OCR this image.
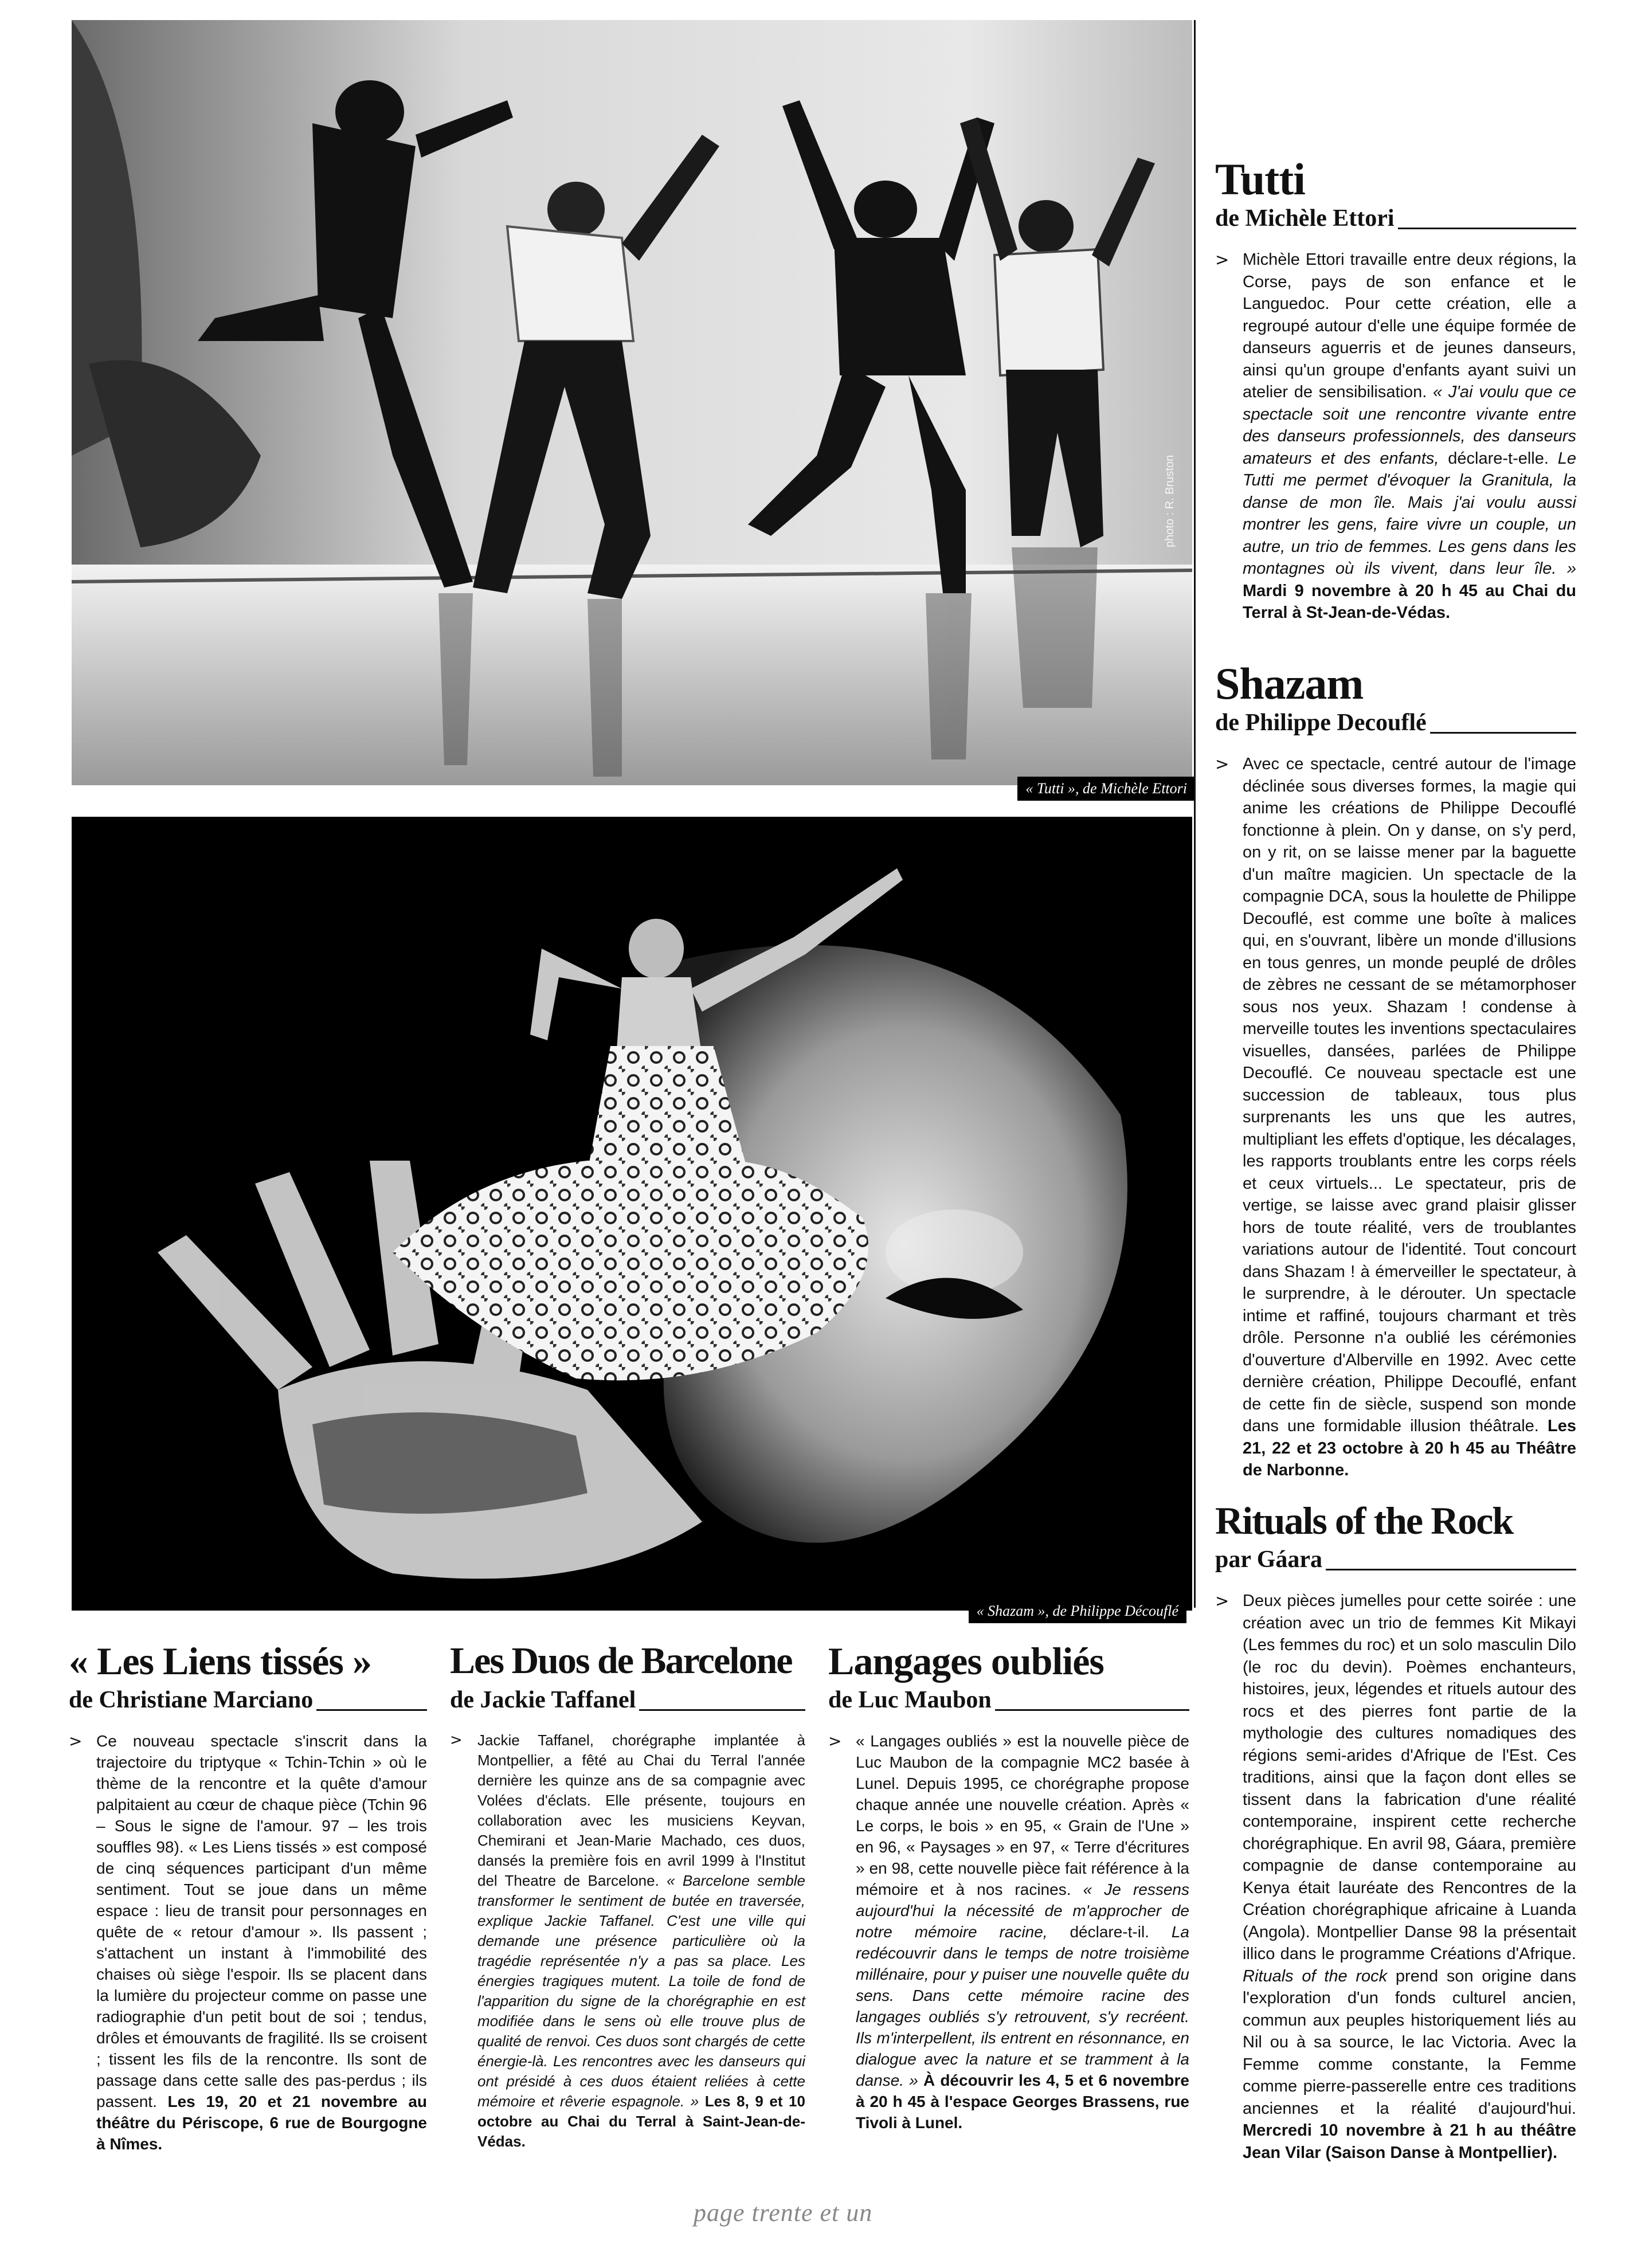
photo : R. Bruston
« Tutti », de Michèle Ettori
« Shazam », de Philippe Découflé
Tutti
de Michèle Ettori
> Michèle Ettori travaille entre deux régions, la Corse, pays de son enfance et le Languedoc. Pour cette création, elle a regroupé autour d'elle une équipe formée de danseurs aguerris et de jeunes danseurs, ainsi qu'un groupe d'enfants ayant suivi un atelier de sensibilisation. « J'ai voulu que ce spectacle soit une rencontre vivante entre des danseurs professionnels, des danseurs amateurs et des enfants, déclare-t-elle. Le Tutti me permet d'évoquer la Granitula, la danse de mon île. Mais j'ai voulu aussi montrer les gens, faire vivre un couple, un autre, un trio de femmes. Les gens dans les montagnes où ils vivent, dans leur île. » Mardi 9 novembre à 20 h 45 au Chai du Terral à St-Jean-de-Védas.

Shazam
de Philippe Decouflé
> Avec ce spectacle, centré autour de l'image déclinée sous diverses formes, la magie qui anime les créations de Philippe Decouflé fonctionne à plein. On y danse, on s'y perd, on y rit, on se laisse mener par la baguette d'un maître magicien. Un spectacle de la compagnie DCA, sous la houlette de Philippe Decouflé, est comme une boîte à malices qui, en s'ouvrant, libère un monde d'illusions en tous genres, un monde peuplé de drôles de zèbres ne cessant de se métamorphoser sous nos yeux. Shazam ! condense à merveille toutes les inventions spectaculaires visuelles, dansées, parlées de Philippe Decouflé. Ce nouveau spectacle est une succession de tableaux, tous plus surprenants les uns que les autres, multipliant les effets d'optique, les décalages, les rapports troublants entre les corps réels et ceux virtuels... Le spectateur, pris de vertige, se laisse avec grand plaisir glisser hors de toute réalité, vers de troublantes variations autour de l'identité. Tout concourt dans Shazam ! à émerveiller le spectateur, à le surprendre, à le dérouter. Un spectacle intime et raffiné, toujours charmant et très drôle. Personne n'a oublié les cérémonies d'ouverture d'Alberville en 1992. Avec cette dernière création, Philippe Decouflé, enfant de cette fin de siècle, suspend son monde dans une formidable illusion théâtrale. Les 21, 22 et 23 octobre à 20 h 45 au Théâtre de Narbonne.

Rituals of the Rock
par Gáara
> Deux pièces jumelles pour cette soirée : une création avec un trio de femmes Kit Mikayi (Les femmes du roc) et un solo masculin Dilo (le roc du devin). Poèmes enchanteurs, histoires, jeux, légendes et rituels autour des rocs et des pierres font partie de la mythologie des cultures nomadiques des régions semi-arides d'Afrique de l'Est. Ces traditions, ainsi que la façon dont elles se tissent dans la fabrication d'une réalité contemporaine, inspirent cette recherche chorégraphique. En avril 98, Gáara, première compagnie de danse contemporaine au Kenya était lauréate des Rencontres de la Création chorégraphique africaine à Luanda (Angola). Montpellier Danse 98 la présentait illico dans le programme Créations d'Afrique. Rituals of the rock prend son origine dans l'exploration d'un fonds culturel ancien, commun aux peuples historiquement liés au Nil ou à sa source, le lac Victoria. Avec la Femme comme constante, la Femme comme pierre-passerelle entre ces traditions anciennes et la réalité d'aujourd'hui. Mercredi 10 novembre à 21 h au théâtre Jean Vilar (Saison Danse à Montpellier).

« Les Liens tissés »
de Christiane Marciano
> Ce nouveau spectacle s'inscrit dans la trajectoire du triptyque « Tchin-Tchin » où le thème de la rencontre et la quête d'amour palpitaient au cœur de chaque pièce (Tchin 96 – Sous le signe de l'amour. 97 – les trois souffles 98). « Les Liens tissés » est composé de cinq séquences participant d'un même sentiment. Tout se joue dans un même espace : lieu de transit pour personnages en quête de « retour d'amour ». Ils passent ; s'attachent un instant à l'immobilité des chaises où siège l'espoir. Ils se placent dans la lumière du projecteur comme on passe une radiographie d'un petit bout de soi ; tendus, drôles et émouvants de fragilité. Ils se croisent ; tissent les fils de la rencontre. Ils sont de passage dans cette salle des pas-perdus ; ils passent. Les 19, 20 et 21 novembre au théâtre du Périscope, 6 rue de Bourgogne à Nîmes.

Les Duos de Barcelone
de Jackie Taffanel
> Jackie Taffanel, chorégraphe implantée à Montpellier, a fêté au Chai du Terral l'année dernière les quinze ans de sa compagnie avec Volées d'éclats. Elle présente, toujours en collaboration avec les musiciens Keyvan, Chemirani et Jean-Marie Machado, ces duos, dansés la première fois en avril 1999 à l'Institut del Theatre de Barcelone. « Barcelone semble transformer le sentiment de butée en traversée, explique Jackie Taffanel. C'est une ville qui demande une présence particulière où la tragédie représentée n'y a pas sa place. Les énergies tragiques mutent. La toile de fond de l'apparition du signe de la chorégraphie en est modifiée dans le sens où elle trouve plus de qualité de renvoi. Ces duos sont chargés de cette énergie-là. Les rencontres avec les danseurs qui ont présidé à ces duos étaient reliées à cette mémoire et rêverie espagnole. » Les 8, 9 et 10 octobre au Chai du Terral à Saint-Jean-de-Védas.

Langages oubliés
de Luc Maubon
> « Langages oubliés » est la nouvelle pièce de Luc Maubon de la compagnie MC2 basée à Lunel. Depuis 1995, ce chorégraphe propose chaque année une nouvelle création. Après « Le corps, le bois » en 95, « Grain de l'Une » en 96, « Paysages » en 97, « Terre d'écritures » en 98, cette nouvelle pièce fait référence à la mémoire et à nos racines. « Je ressens aujourd'hui la nécessité de m'approcher de notre mémoire racine, déclare-t-il. La redécouvrir dans le temps de notre troisième millénaire, pour y puiser une nouvelle quête du sens. Dans cette mémoire racine des langages oubliés s'y retrouvent, s'y recréent. Ils m'interpellent, ils entrent en résonnance, en dialogue avec la nature et se tramment à la danse. » À découvrir les 4, 5 et 6 novembre à 20 h 45 à l'espace Georges Brassens, rue Tivoli à Lunel.

page trente et un
